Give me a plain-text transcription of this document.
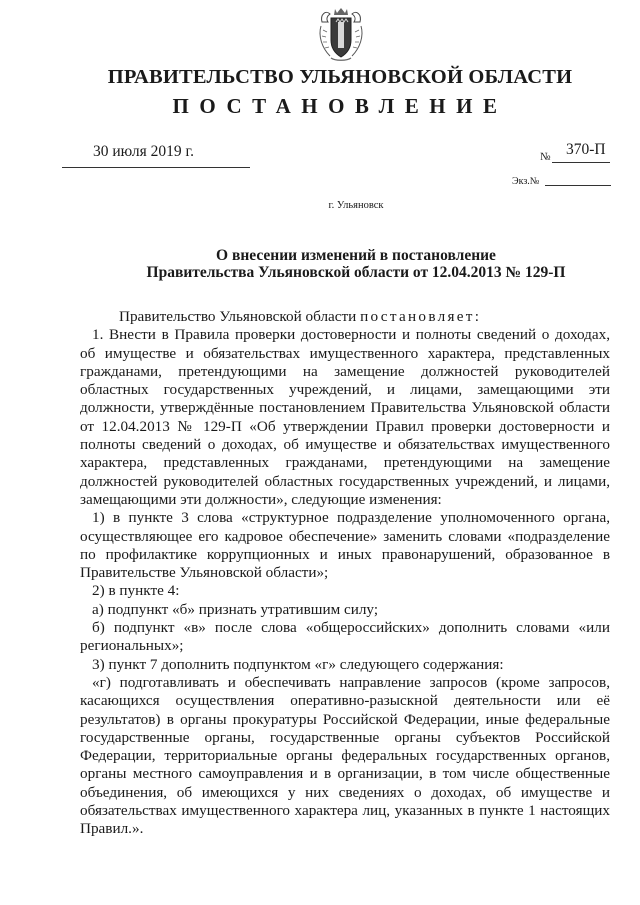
ПРАВИТЕЛЬСТВО УЛЬЯНОВСКОЙ ОБЛАСТИ
ПОСТАНОВЛЕНИЕ
30 июля 2019 г.	№ 370-П
Экз.№
г. Ульяновск
О внесении изменений в постановление
Правительства Ульяновской области от 12.04.2013 № 129-П

Правительство Ульяновской области постановляет:

1. Внести в Правила проверки достоверности и полноты сведений о доходах, об имуществе и обязательствах имущественного характера, представленных гражданами, претендующими на замещение должностей руководителей областных государственных учреждений, и лицами, замещающими эти должности, утверждённые постановлением Правительства Ульяновской области от 12.04.2013 № 129-П «Об утверждении Правил проверки достоверности и полноты сведений о доходах, об имуществе и обязательствах имущественного характера, представленных гражданами, претендующими на замещение должностей руководителей областных государственных учреждений, и лицами, замещающими эти должности», следующие изменения:

1) в пункте 3 слова «структурное подразделение уполномоченного органа, осуществляющее его кадровое обеспечение» заменить словами «подразделение по профилактике коррупционных и иных правонарушений, образованное в Правительстве Ульяновской области»;

2) в пункте 4:

а) подпункт «б» признать утратившим силу;

б) подпункт «в» после слова «общероссийских» дополнить словами «или региональных»;

3) пункт 7 дополнить подпунктом «г» следующего содержания:

«г) подготавливать и обеспечивать направление запросов (кроме запросов, касающихся осуществления оперативно-разыскной деятельности или её результатов) в органы прокуратуры Российской Федерации, иные федеральные государственные органы, государственные органы субъектов Российской Федерации, территориальные органы федеральных государственных органов, органы местного самоуправления и в организации, в том числе общественные объединения, об имеющихся у них сведениях о доходах, об имуществе и обязательствах имущественного характера лиц, указанных в пункте 1 настоящих Правил.».
